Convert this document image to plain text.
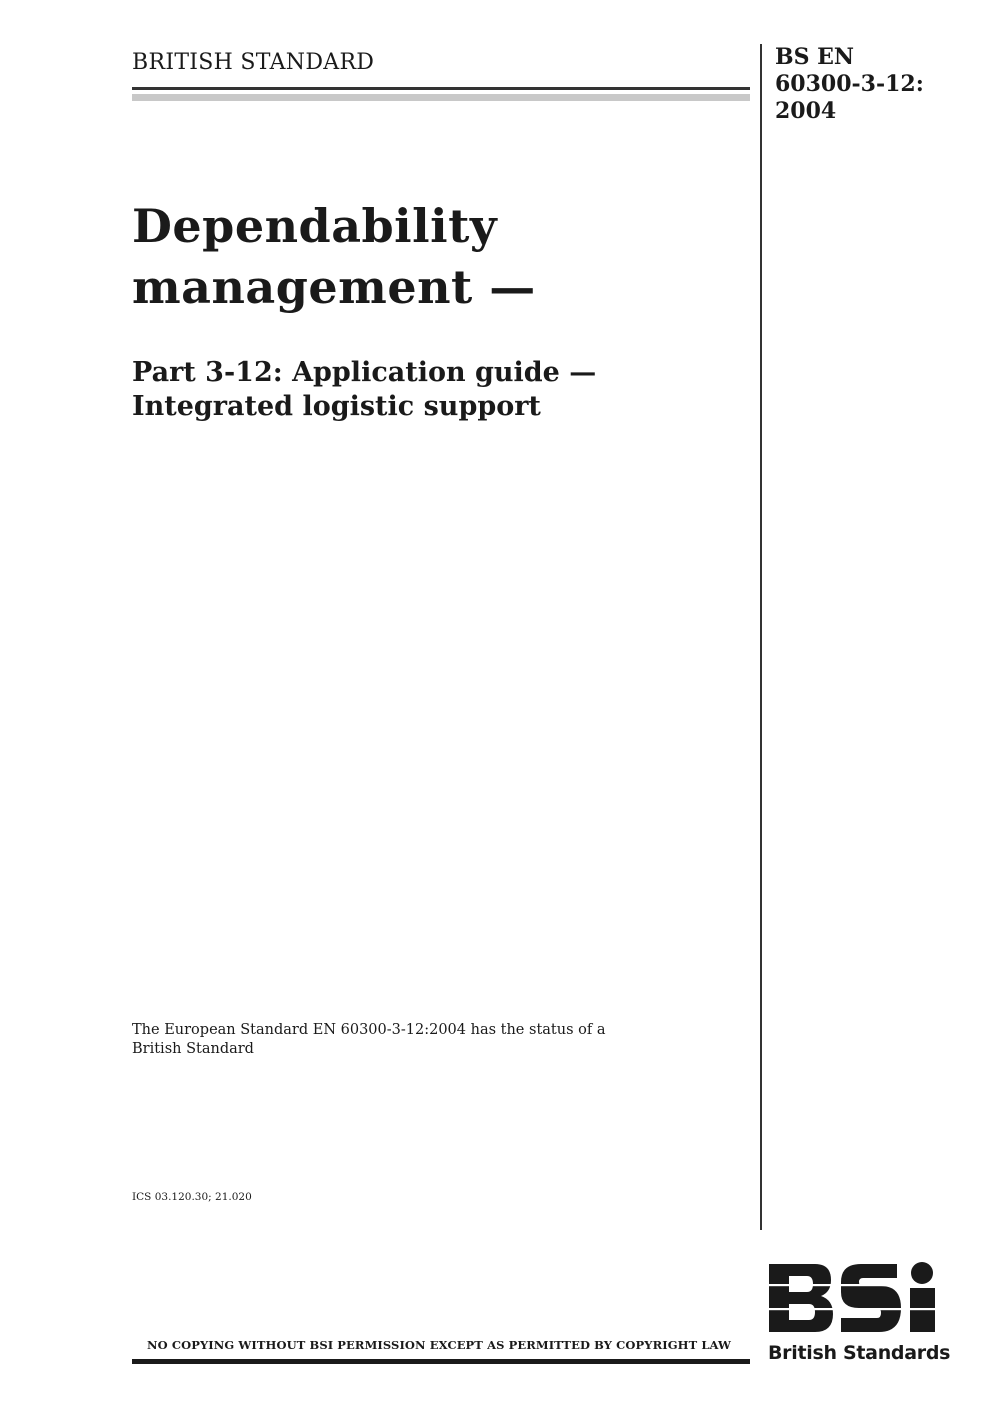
BRITISH STANDARD	BS EN
60300-3-12:
2004
Dependability
management —
Part 3-12: Application guide —
Integrated logistic support
The European Standard EN 60300-3-12:2004 has the status of a
British Standard
ICS 03.120.30; 21.020
NO COPYING WITHOUT BSI PERMISSION EXCEPT AS PERMITTED BY COPYRIGHT LAW British Standards
